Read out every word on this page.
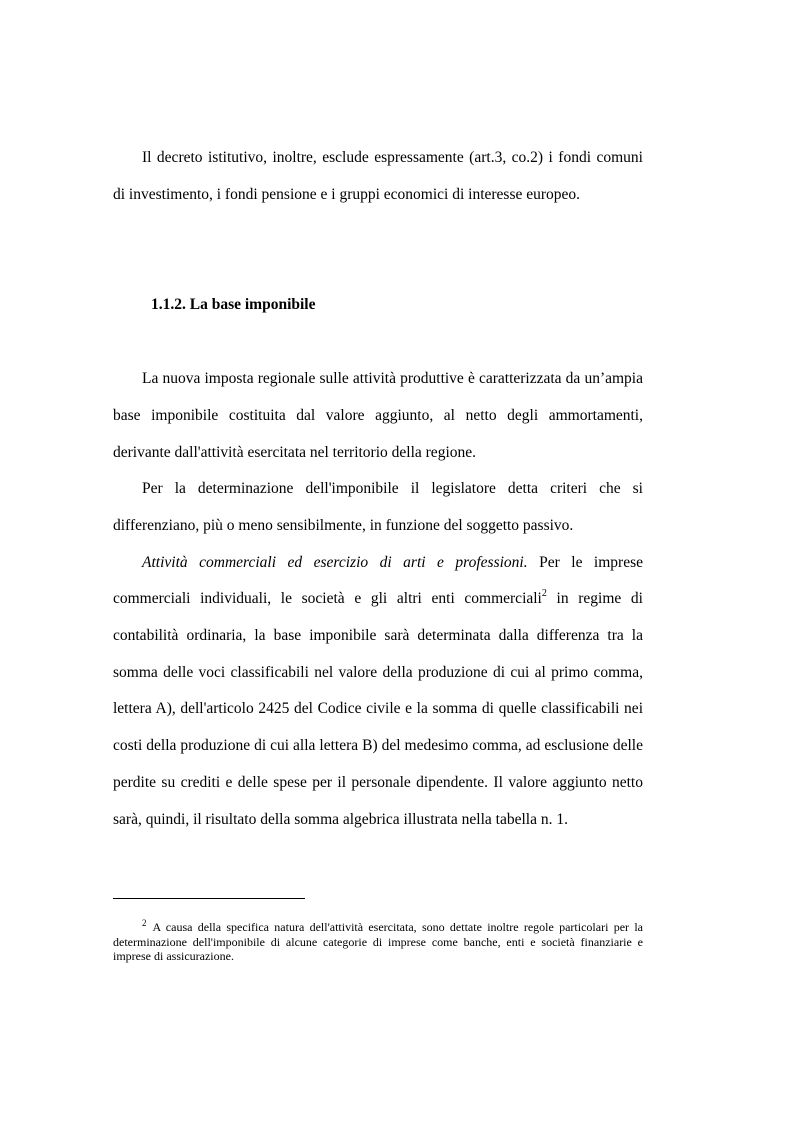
Il decreto istitutivo, inoltre, esclude espressamente (art.3, co.2) i fondi comuni di investimento, i fondi pensione e i gruppi economici di interesse europeo.

1.1.2. La base imponibile

La nuova imposta regionale sulle attività produttive è caratterizzata da un’ampia base imponibile costituita dal valore aggiunto, al netto degli ammortamenti, derivante dall'attività esercitata nel territorio della regione.

Per la determinazione dell'imponibile il legislatore detta criteri che si differenziano, più o meno sensibilmente, in funzione del soggetto passivo.

Attività commerciali ed esercizio di arti e professioni. Per le imprese commerciali individuali, le società e gli altri enti commerciali$^2$ in regime di contabilità ordinaria, la base imponibile sarà determinata dalla differenza tra la somma delle voci classificabili nel valore della produzione di cui al primo comma, lettera A), dell'articolo 2425 del Codice civile e la somma di quelle classificabili nei costi della produzione di cui alla lettera B) del medesimo comma, ad esclusione delle perdite su crediti e delle spese per il personale dipendente. Il valore aggiunto netto sarà, quindi, il risultato della somma algebrica illustrata nella tabella n. 1.

$^2$ A causa della specifica natura dell'attività esercitata, sono dettate inoltre regole particolari per la determinazione dell'imponibile di alcune categorie di imprese come banche, enti e società finanziarie e imprese di assicurazione.
